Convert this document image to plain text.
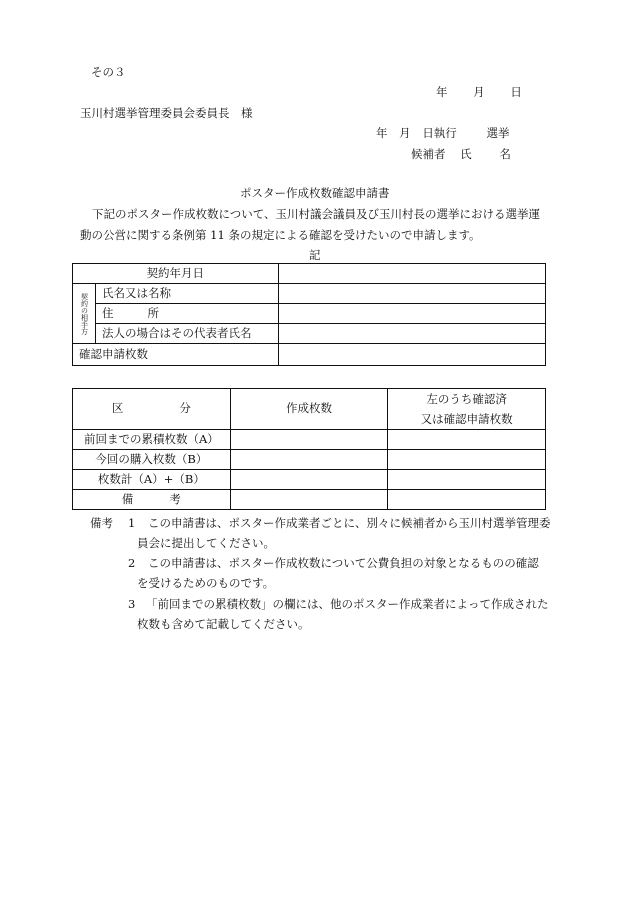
その３
年 月 日
玉川村選挙管理委員会委員長　様
年 月 日執行	選挙
候補者 氏 名
ポスター作成枚数確認申請書
下記のポスター作成枚数について、玉川村議会議員及び玉川村長の選挙における選挙運
動の公営に関する条例第 11 条の規定による確認を受けたいので申請します。
記
契約年月日		

契約の相手方	氏名又は名称	
	住 所	
	法人の場合はその代表者氏名	
確認申請枚数		
区 分	作成枚数	左のうち確認済
又は確認申請枚数

前回までの累積枚数（A）		
今回の購入枚数（B）		
枚数計（A）+（B）		
備 考		
備考 1 この申請書は、ポスター作成業者ごとに、別々に候補者から玉川村選挙管理委
員会に提出してください。
2 この申請書は、ポスター作成枚数について公費負担の対象となるものの確認
を受けるためのものです。
3 「前回までの累積枚数」の欄には、他のポスター作成業者によって作成された
枚数も含めて記載してください。
